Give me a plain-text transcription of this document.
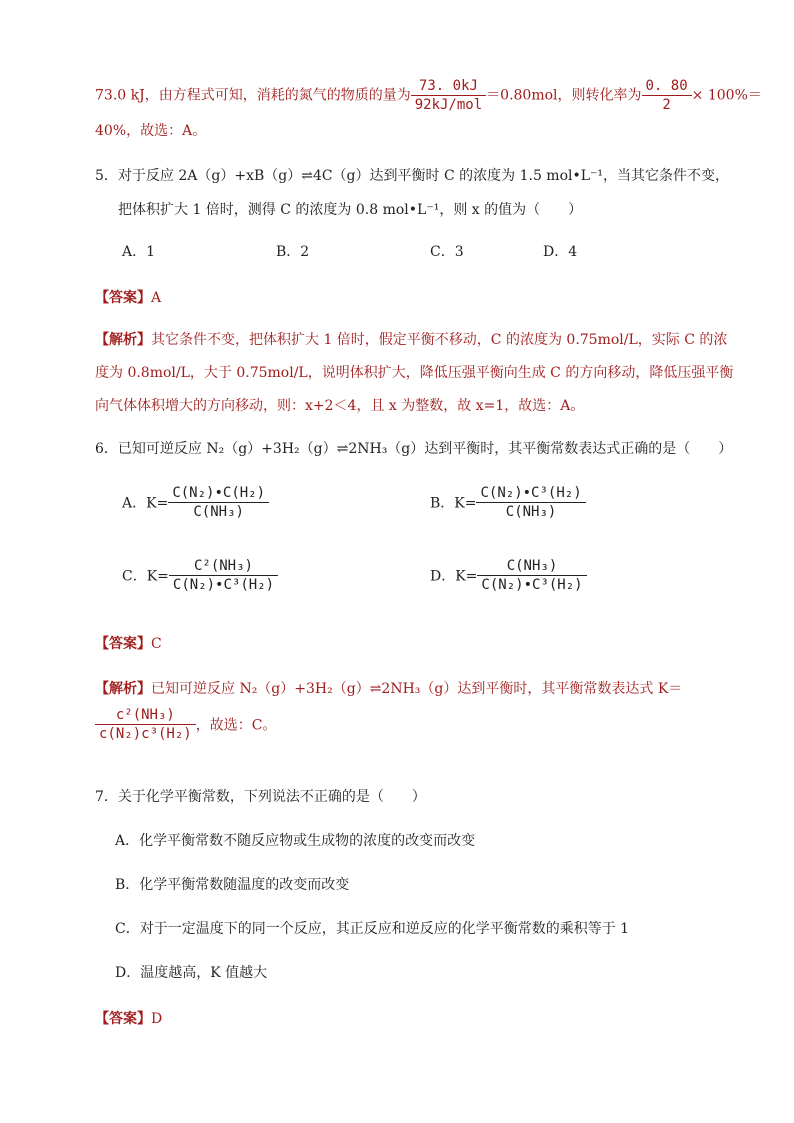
73.0 kJ，由方程式可知，消耗的氮气的物质的量为 $\frac{73. 0kJ}{\text{92kJ/mol}} =0.80mol$，则转化率为 $\frac{0. 80}{2} \times 100\%=$
40%，故选：A。
5．对于反应 2A（g）+xB（g）⇌4C（g）达到平衡时 C 的浓度为 1.5 mol•L⁻¹，当其它条件不变，
把体积扩大 1 倍时，测得 C 的浓度为 0.8 mol•L⁻¹，则 x 的值为（　　）
A．1	B．2	C．3	D．4
【答案】A
【解析】其它条件不变，把体积扩大 1 倍时，假定平衡不移动，C 的浓度为 0.75mol/L，实际 C 的浓
度为 0.8mol/L，大于 0.75mol/L，说明体积扩大，降低压强平衡向生成 C 的方向移动，降低压强平衡
向气体体积增大的方向移动，则：x+2＜4，且 x 为整数，故 x=1，故选：A。
6．已知可逆反应 N₂（g）+3H₂（g）⇌2NH₃（g）达到平衡时，其平衡常数表达式正确的是（　　）
A．$K= \frac{\text{C(N₂)•C(H₂)}}{\text{C(NH₃)}}$	B．$K= \frac{\text{C(N₂)•C³(H₂)}}{\text{C(NH₃)}}$
C．$K= \frac{\text{C²(NH₃)}}{\text{C(N₂)•C³(H₂)}}$	D．$K= \frac{\text{C(NH₃)}}{\text{C(N₂)•C³(H₂)}}$
【答案】C
【解析】已知可逆反应 N₂（g）+3H₂（g）⇌2NH₃（g）达到平衡时，其平衡常数表达式 K＝
$\frac{\text{c²(NH₃)}}{\text{c(N₂)c³(H₂)}}$ ，故选：C。
7．关于化学平衡常数，下列说法不正确的是（　　）
A．化学平衡常数不随反应物或生成物的浓度的改变而改变
B．化学平衡常数随温度的改变而改变
C．对于一定温度下的同一个反应，其正反应和逆反应的化学平衡常数的乘积等于 1
D．温度越高，K 值越大
【答案】D
